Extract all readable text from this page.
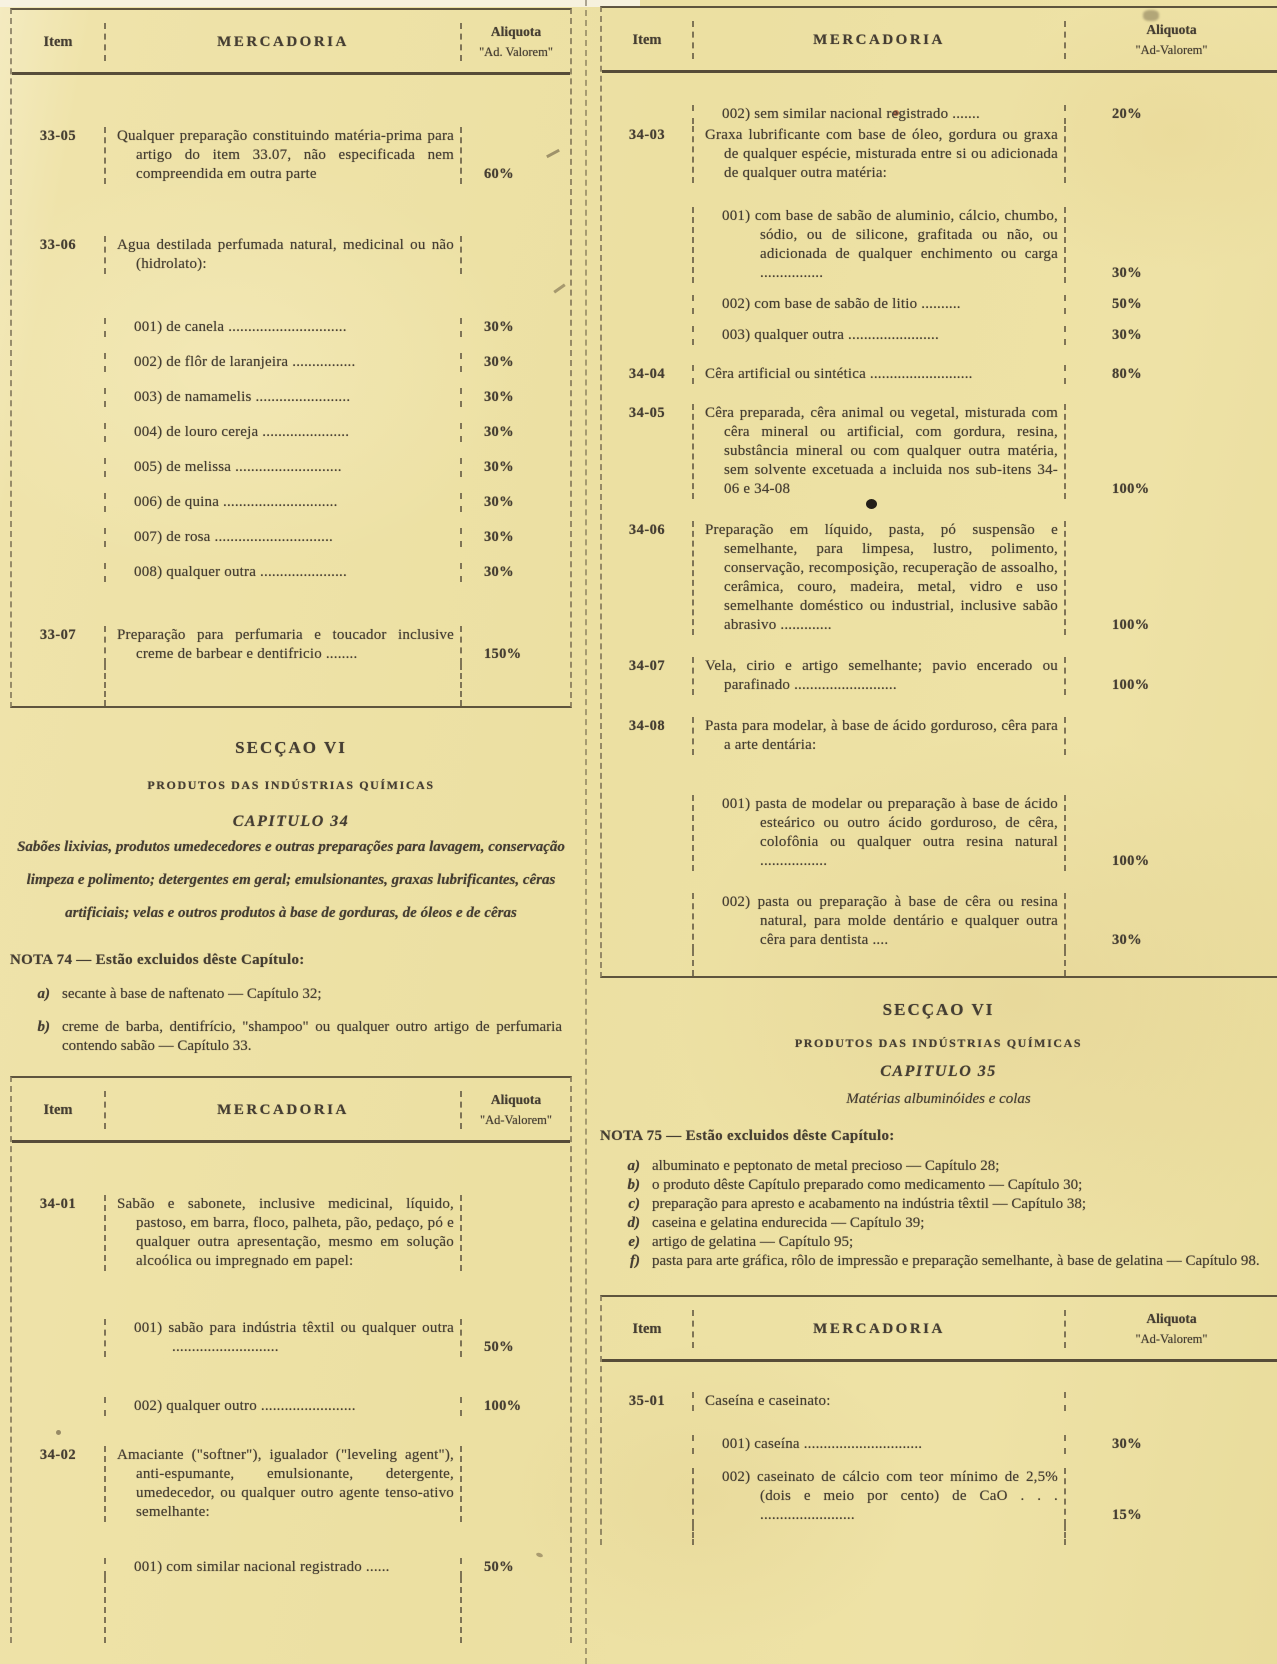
Item	MERCADORIA
Aliquota
"Ad. Valorem"
33-05	Qualquer preparação constituindo matéria-prima para artigo do item 33.07, não especificada nem compreendida em outra parte	60%
33-06	Agua destilada perfumada natural, medicinal ou não (hidrolato):
001) de canela ..............................	30%
002) de flôr de laranjeira ................	30%
003) de namamelis ........................	30%
004) de louro cereja ......................	30%
005) de melissa ...........................	30%
006) de quina .............................	30%
007) de rosa ..............................	30%
008) qualquer outra ......................	30%
33-07	Preparação para perfumaria e toucador inclusive creme de barbear e dentifricio ........	150%
SECÇAO VI
PRODUTOS DAS INDÚSTRIAS QUÍMICAS
CAPITULO 34

Sabões lixivias, produtos umedecedores e outras preparações para lavagem, conservação limpeza e polimento; detergentes em geral; emulsionantes, graxas lubrificantes, cêras artificiais; velas e outros produtos à base de gorduras, de óleos e de cêras

NOTA 74 — Estão excluidos dêste Capítulo:
a) secante à base de naftenato — Capítulo 32;
b) creme de barba, dentifrício, "shampoo" ou qualquer outro artigo de perfumaria contendo sabão — Capítulo 33.
Item	MERCADORIA
Aliquota
"Ad-Valorem"
34-01	Sabão e sabonete, inclusive medicinal, líquido, pastoso, em barra, floco, palheta, pão, pedaço, pó e qualquer outra apresentação, mesmo em solução alcoólica ou impregnado em papel:
001) sabão para indústria têxtil ou qualquer outra ...........................	50%
002) qualquer outro ........................	100%
34-02	Amaciante ("softner"), igualador ("leveling agent"), anti-espumante, emulsionante, detergente, umedecedor, ou qualquer outro agente tenso-ativo semelhante:
001) com similar nacional registrado ......	50%
Item	MERCADORIA
Aliquota
"Ad-Valorem"
002) sem similar nacional registrado .......	20%
34-03	Graxa lubrificante com base de óleo, gordura ou graxa de qualquer espécie, misturada entre si ou adicionada de qualquer outra matéria:
001) com base de sabão de aluminio, cálcio, chumbo, sódio, ou de silicone, grafitada ou não, ou adicionada de qualquer enchimento ou carga ................	30%
002) com base de sabão de litio ..........	50%
003) qualquer outra .......................	30%
34-04	Cêra artificial ou sintética ..........................	80%
34-05	Cêra preparada, cêra animal ou vegetal, misturada com cêra mineral ou artificial, com gordura, resina, substância mineral ou com qualquer outra matéria, sem solvente excetuada a incluida nos sub-itens 34-06 e 34-08	100%
34-06	Preparação em líquido, pasta, pó suspensão e semelhante, para limpesa, lustro, polimento, conservação, recomposição, recuperação de assoalho, cerâmica, couro, madeira, metal, vidro e uso semelhante doméstico ou industrial, inclusive sabão abrasivo .............	100%
34-07	Vela, cirio e artigo semelhante; pavio encerado ou parafinado ..........................	100%
34-08	Pasta para modelar, à base de ácido gorduroso, cêra para a arte dentária:
001) pasta de modelar ou preparação à base de ácido esteárico ou outro ácido gorduroso, de cêra, colofônia ou qualquer outra resina natural .................	100%
002) pasta ou preparação à base de cêra ou resina natural, para molde dentário e qualquer outra cêra para dentista ....	30%
SECÇAO VI
PRODUTOS DAS INDÚSTRIAS QUÍMICAS
CAPITULO 35
Matérias albuminóides e colas
NOTA 75 — Estão excluidos dêste Capítulo:
a) albuminato e peptonato de metal precioso — Capítulo 28;
b) o produto dêste Capítulo preparado como medicamento — Capítulo 30;
c) preparação para apresto e acabamento na indústria têxtil — Capítulo 38;
d) caseina e gelatina endurecida — Capítulo 39;
e) artigo de gelatina — Capítulo 95;
f) pasta para arte gráfica, rôlo de impressão e preparação semelhante, à base de gelatina — Capítulo 98.
Item	MERCADORIA
Aliquota
"Ad-Valorem"
35-01	Caseína e caseinato:
001) caseína ..............................	30%
002) caseinato de cálcio com teor mínimo de 2,5% (dois e meio por cento) de CaO . . . ........................	15%
